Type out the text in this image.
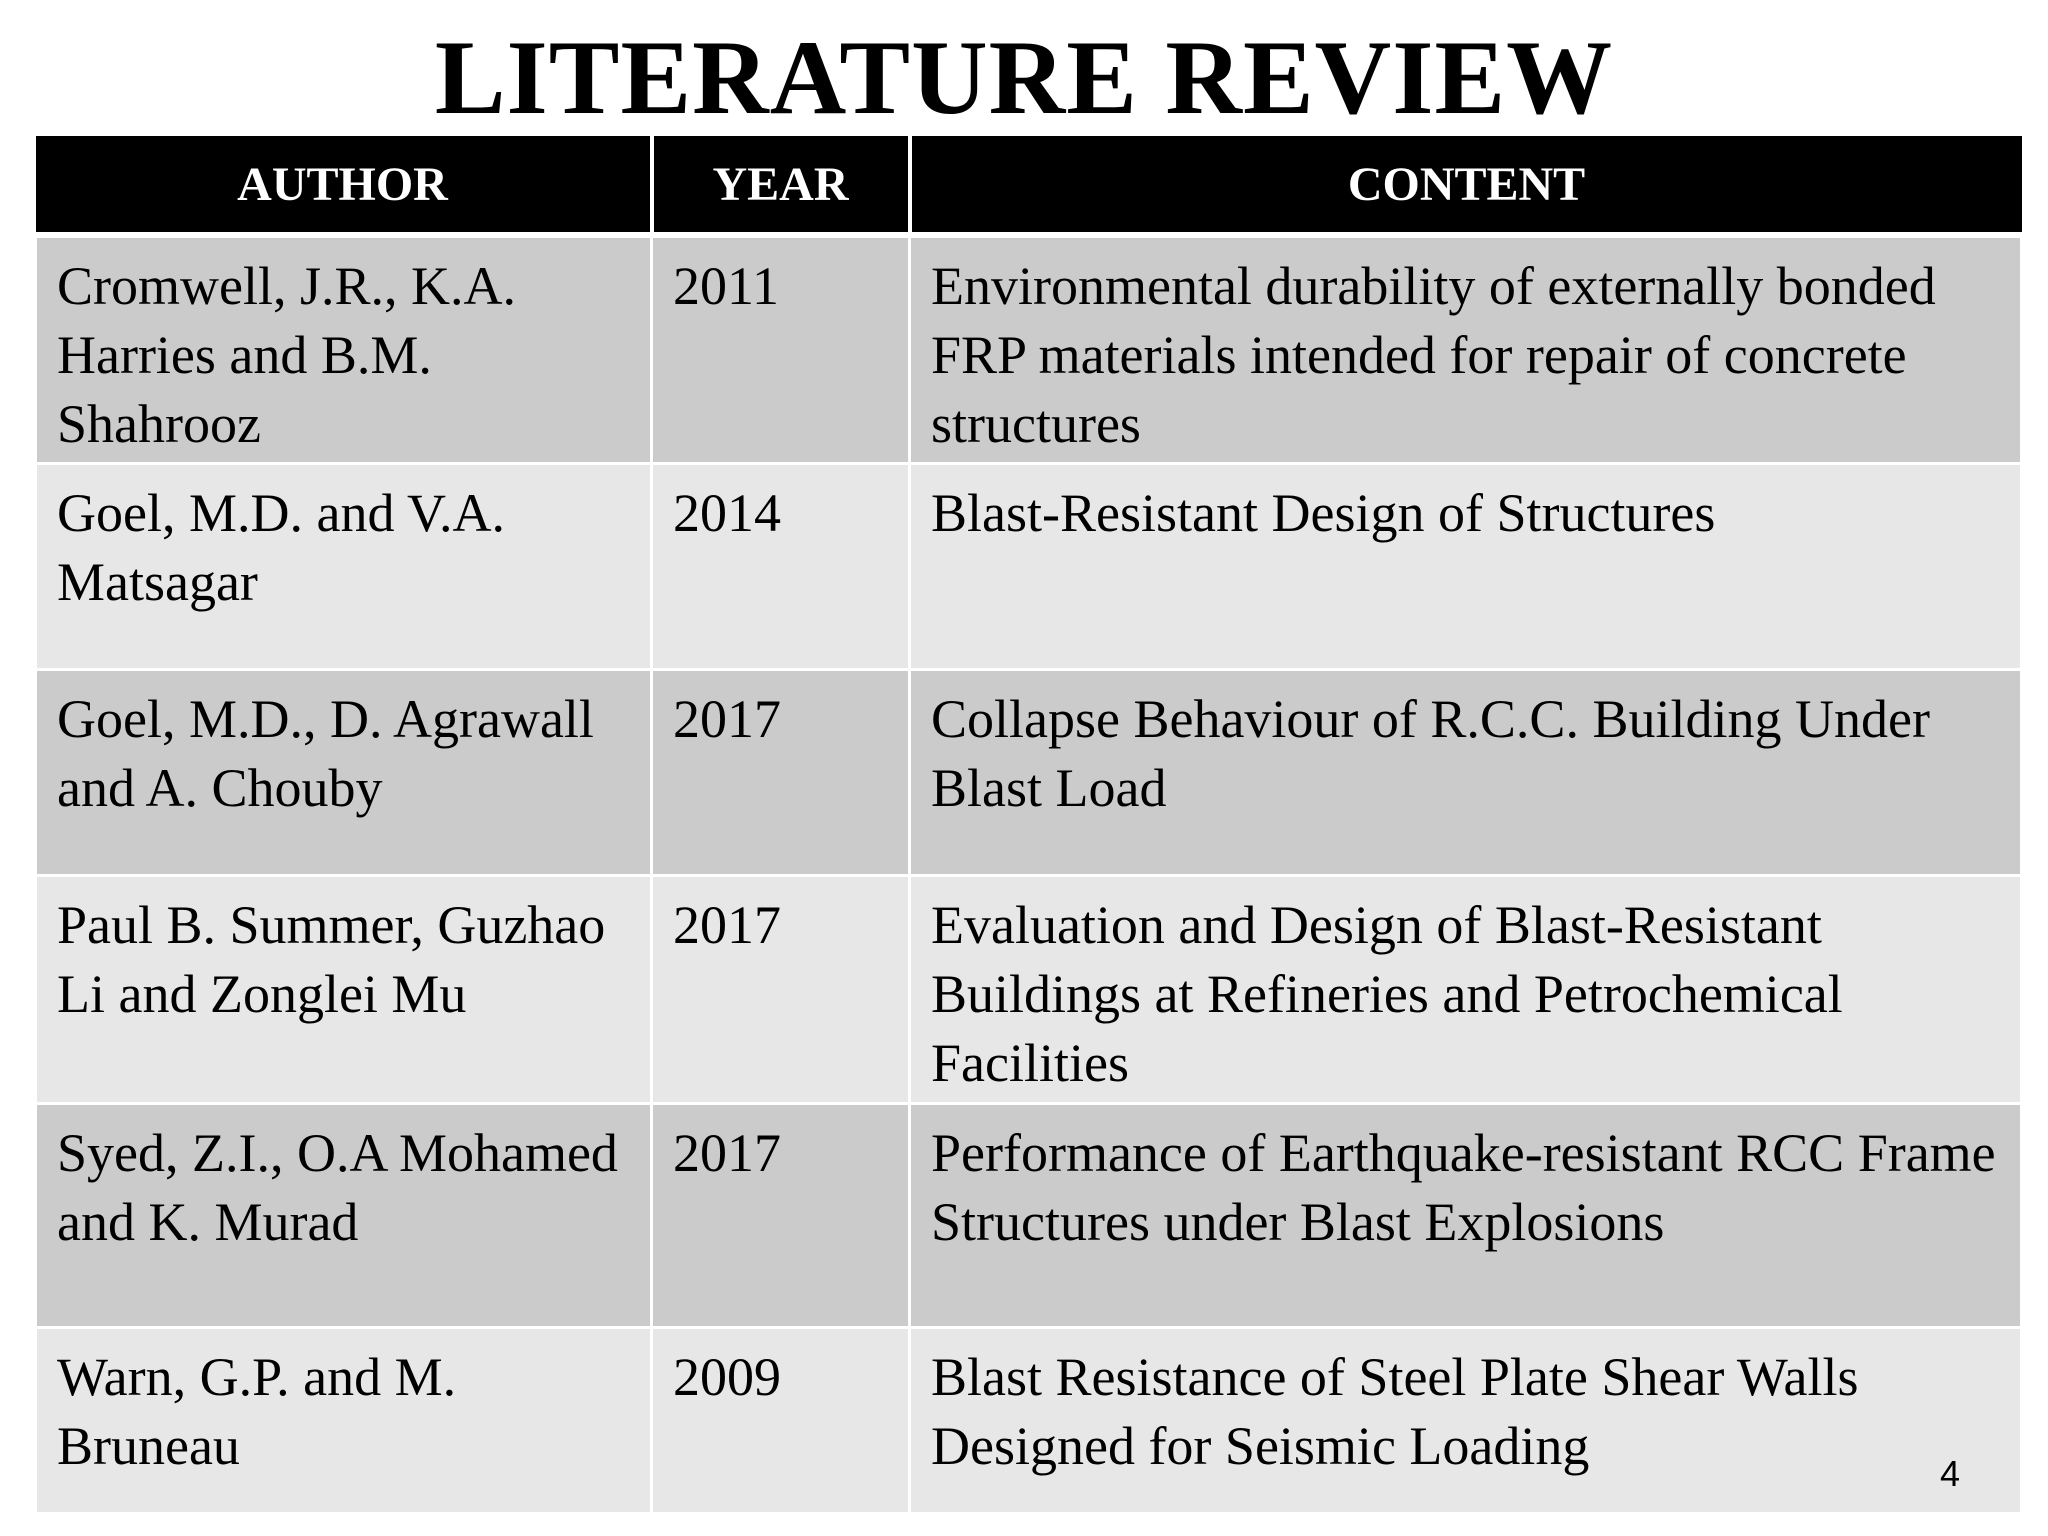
LITERATURE REVIEW
AUTHOR	YEAR	CONTENT
Cromwell, J.R., K.A. Harries and B.M. Shahrooz	2011	Environmental durability of externally bonded FRP materials intended for repair of concrete structures
Goel, M.D. and V.A. Matsagar	2014	Blast-Resistant Design of Structures
Goel, M.D., D. Agrawall and A. Chouby	2017	Collapse Behaviour of R.C.C. Building Under Blast Load
Paul B. Summer, Guzhao Li and Zonglei Mu	2017	Evaluation and Design of Blast-Resistant Buildings at Refineries and Petrochemical Facilities
Syed, Z.I., O.A Mohamed and K. Murad	2017	Performance of Earthquake-resistant RCC Frame Structures under Blast Explosions
Warn, G.P. and M. Bruneau	2009	Blast Resistance of Steel Plate Shear Walls Designed for Seismic Loading	4
